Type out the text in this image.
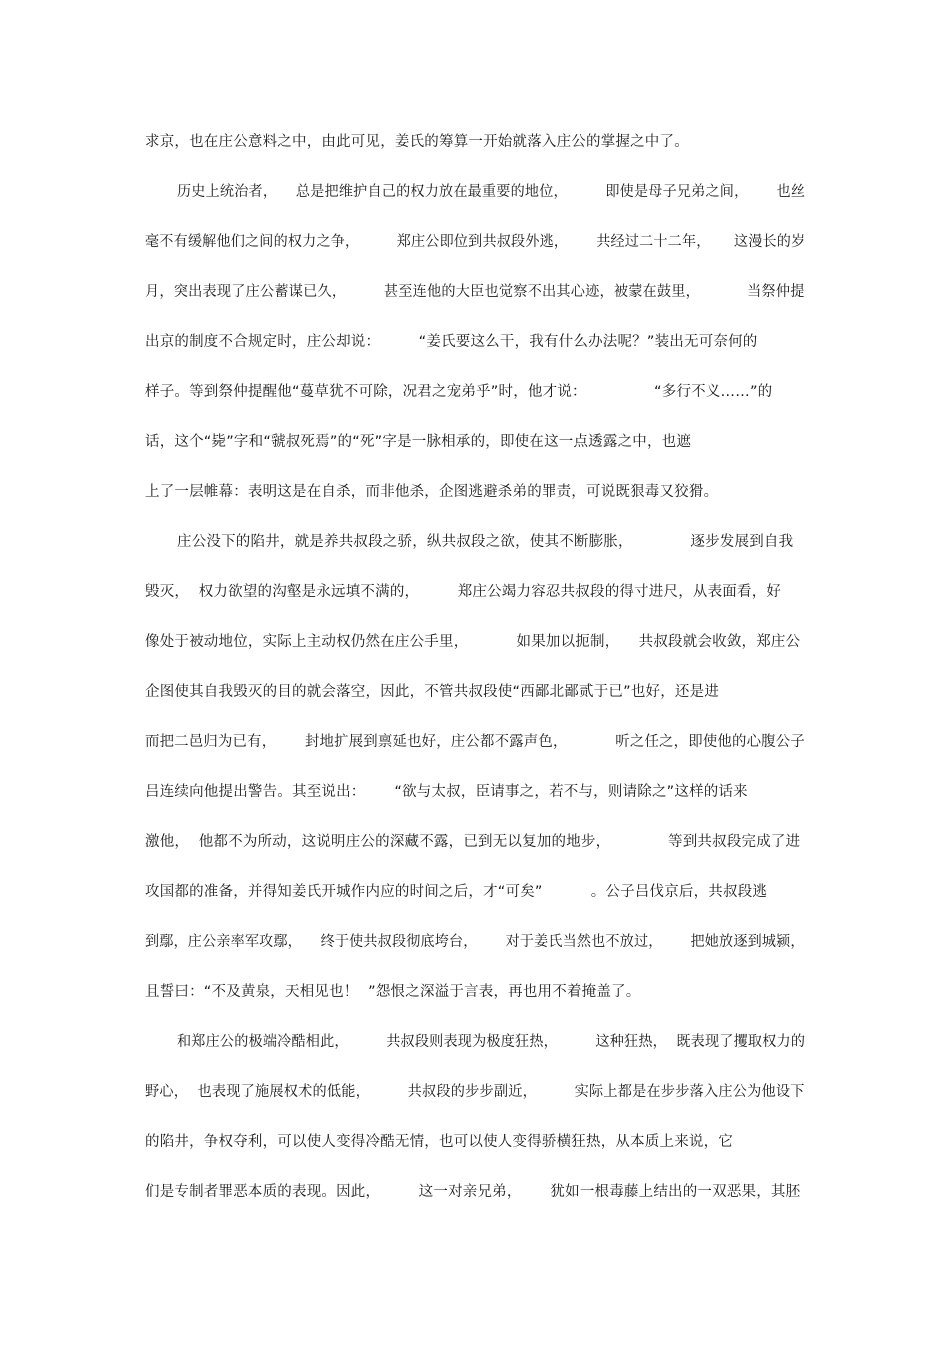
求京，也在庄公意料之中，由此可见，姜氏的筹算一开始就落入庄公的掌握之中了。
历史上统治者，    总是把维护自己的权力放在最重要的地位，        即使是母子兄弟之间，      也丝
毫不有缓解他们之间的权力之争，        郑庄公即位到共叔段外逃，      共经过二十二年，     这漫长的岁
月，突出表现了庄公蓄谋已久，        甚至连他的大臣也觉察不出其心迹，被蒙在鼓里，          当祭仲提
出京的制度不合规定时，庄公却说：        “姜氏要这么干，我有什么办法呢？”装出无可奈何的
样子。等到祭仲提醒他“蔓草犹不可除，况君之宠弟乎”时，他才说：              “多行不义……”的
话，这个“毙”字和“虢叔死焉”的“死”字是一脉相承的，即使在这一点透露之中，也遮
上了一层帷幕：表明这是在自杀，而非他杀，企图逃避杀弟的罪责，可说既狠毒又狡猾。
庄公没下的陷井，就是养共叔段之骄，纵共叔段之欲，使其不断膨胀，            逐步发展到自我
毁灭，  权力欲望的沟壑是永远填不满的，        郑庄公竭力容忍共叔段的得寸进尺，从表面看，好
像处于被动地位，实际上主动权仍然在庄公手里，          如果加以扼制，    共叔段就会收敛，郑庄公
企图使其自我毁灭的目的就会落空，因此，不管共叔段使“西鄙北鄙贰于已”也好，还是进
而把二邑归为已有，      封地扩展到禀延也好，庄公都不露声色，          听之任之，即使他的心腹公子
吕连续向他提出警告。其至说出：      “欲与太叔，臣请事之，若不与，则请除之”这样的话来
激他，  他都不为所动，这说明庄公的深藏不露，已到无以复加的地步，            等到共叔段完成了进
攻国都的准备，并得知姜氏开城作内应的时间之后，才“可矣”          。公子吕伐京后，共叔段逃
到鄢，庄公亲率军攻鄢，    终于使共叔段彻底垮台，      对于姜氏当然也不放过，      把她放逐到城颍，
且誓曰：“不及黄泉，天相见也！  ”怨恨之深溢于言表，再也用不着掩盖了。
和郑庄公的极端冷酷相此，        共叔段则表现为极度狂热，        这种狂热，  既表现了攫取权力的
野心，  也表现了施展权术的低能，        共叔段的步步副近，        实际上都是在步步落入庄公为他设下
的陷井，争权夺利，可以使人变得冷酷无情，也可以使人变得骄横狂热，从本质上来说，它
们是专制者罪恶本质的表现。因此，        这一对亲兄弟，      犹如一根毒藤上结出的一双恶果，其胚
